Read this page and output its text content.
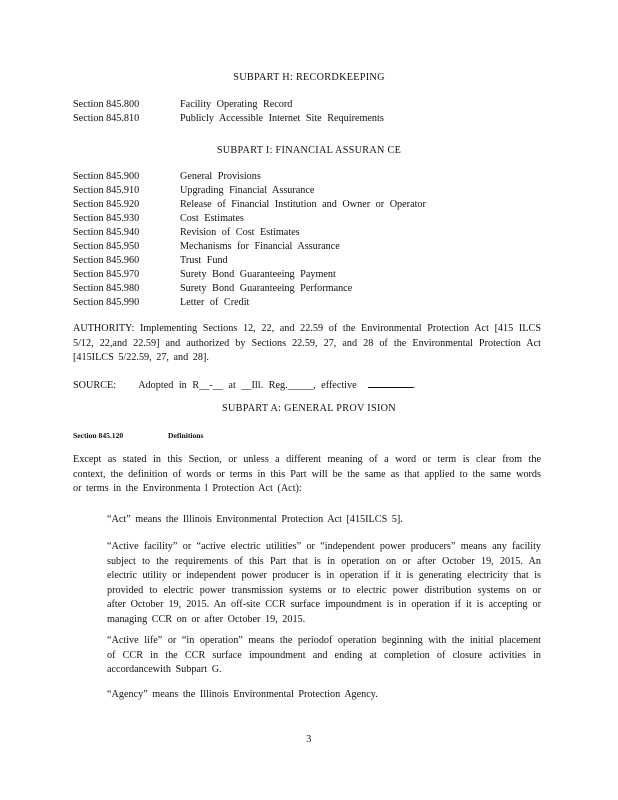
SUBPART H: RECORDKEEPING
Section 845.800	Facility Operating Record
Section 845.810	Publicly Accessible Internet Site Requirements
SUBPART I: FINANCIAL ASSURAN CE
Section 845.900	General Provisions
Section 845.910	Upgrading Financial Assurance
Section 845.920	Release of Financial Institution and Owner or Operator
Section 845.930	Cost Estimates
Section 845.940	Revision of Cost Estimates
Section 845.950	Mechanisms for Financial Assurance
Section 845.960	Trust Fund
Section 845.970	Surety Bond Guaranteeing Payment
Section 845.980	Surety Bond Guaranteeing Performance
Section 845.990	Letter of Credit
AUTHORITY: Implementing Sections 12, 22, and 22.59 of the Environmental Protection Act [415 ILCS 5/12, 22,and 22.59] and authorized by Sections 22.59, 27, and 28 of the Environmental Protection Act [415ILCS 5/22.59, 27, and 28].
SOURCE: Adopted in R__-__ at __Ill. Reg._____, effective	.
SUBPART A: GENERAL PROV ISION
Section 845.120	Definitions
Except as stated in this Section, or unless a different meaning of a word or term is clear from the context, the definition of words or terms in this Part will be the same as that applied to the same words or terms in the Environmenta l Protection Act (Act):
“Act” means the Illinois Environmental Protection Act [415ILCS 5].
“Active facility” or “active electric utilities” or “independent power producers” means any facility subject to the requirements of this Part that is in operation on or after October 19, 2015. An electric utility or independent power producer is in operation if it is generating electricity that is provided to electric power transmission systems or to electric power distribution systems on or after October 19, 2015. An off-site CCR surface impoundment is in operation if it is accepting or managing CCR on or after October 19, 2015.
“Active life” or “in operation” means the periodof operation beginning with the initial placement of CCR in the CCR surface impoundment and ending at completion of closure activities in accordancewith Subpart G.
“Agency” means the Illinois Environmental Protection Agency.
3
